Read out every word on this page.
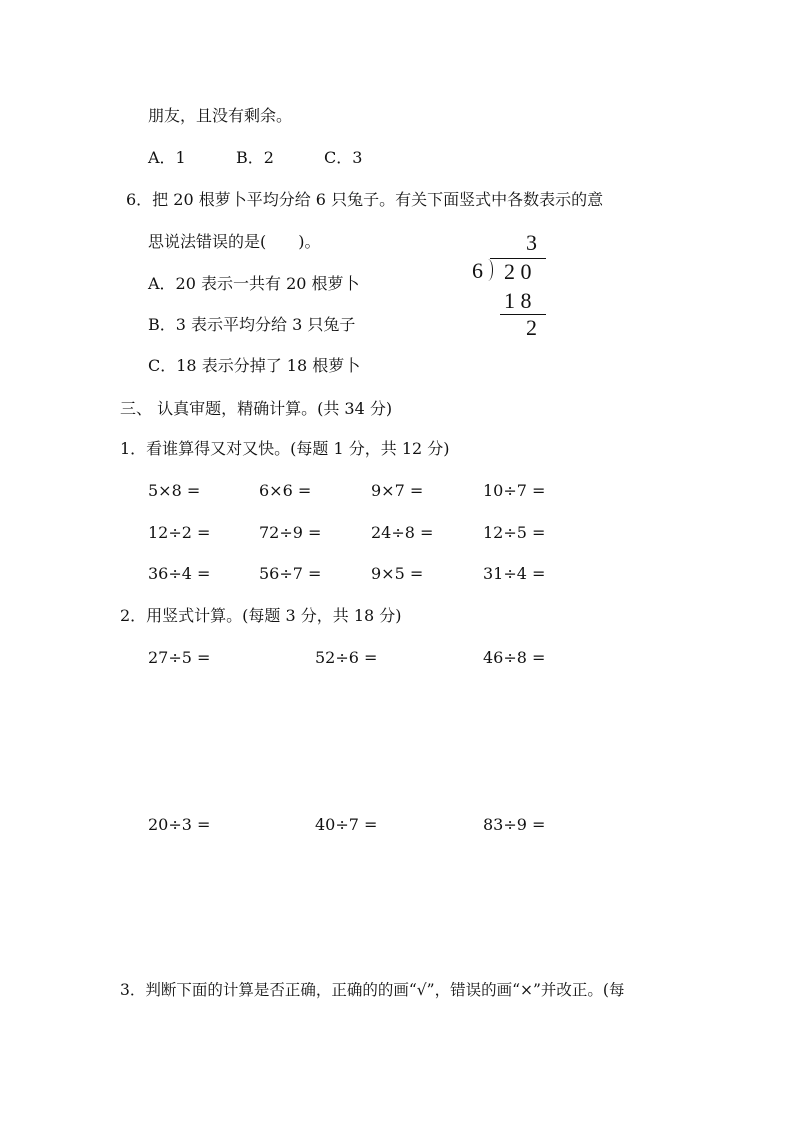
朋友，且没有剩余。
A．1	B．2	C．3
6．把 20 根萝卜平均分给 6 只兔子。有关下面竖式中各数表示的意
思说法错误的是(　　)。
A．20 表示一共有 20 根萝卜
B．3 表示平均分给 3 只兔子
C．18 表示分掉了 18 根萝卜
3
6 2 0
1 8
2
三、 认真审题，精确计算。(共 34 分)
1．看谁算得又对又快。(每题 1 分，共 12 分)
5×8 =	6×6 =	9×7 =	10÷7 =
12÷2 =	72÷9 =	24÷8 =	12÷5 =
36÷4 =	56÷7 =	9×5 =	31÷4 =
2．用竖式计算。(每题 3 分，共 18 分)
27÷5 =	52÷6 =	46÷8 =
20÷3 =	40÷7 =	83÷9 =
3．判断下面的计算是否正确，正确的的画“√”，错误的画“×”并改正。(每
